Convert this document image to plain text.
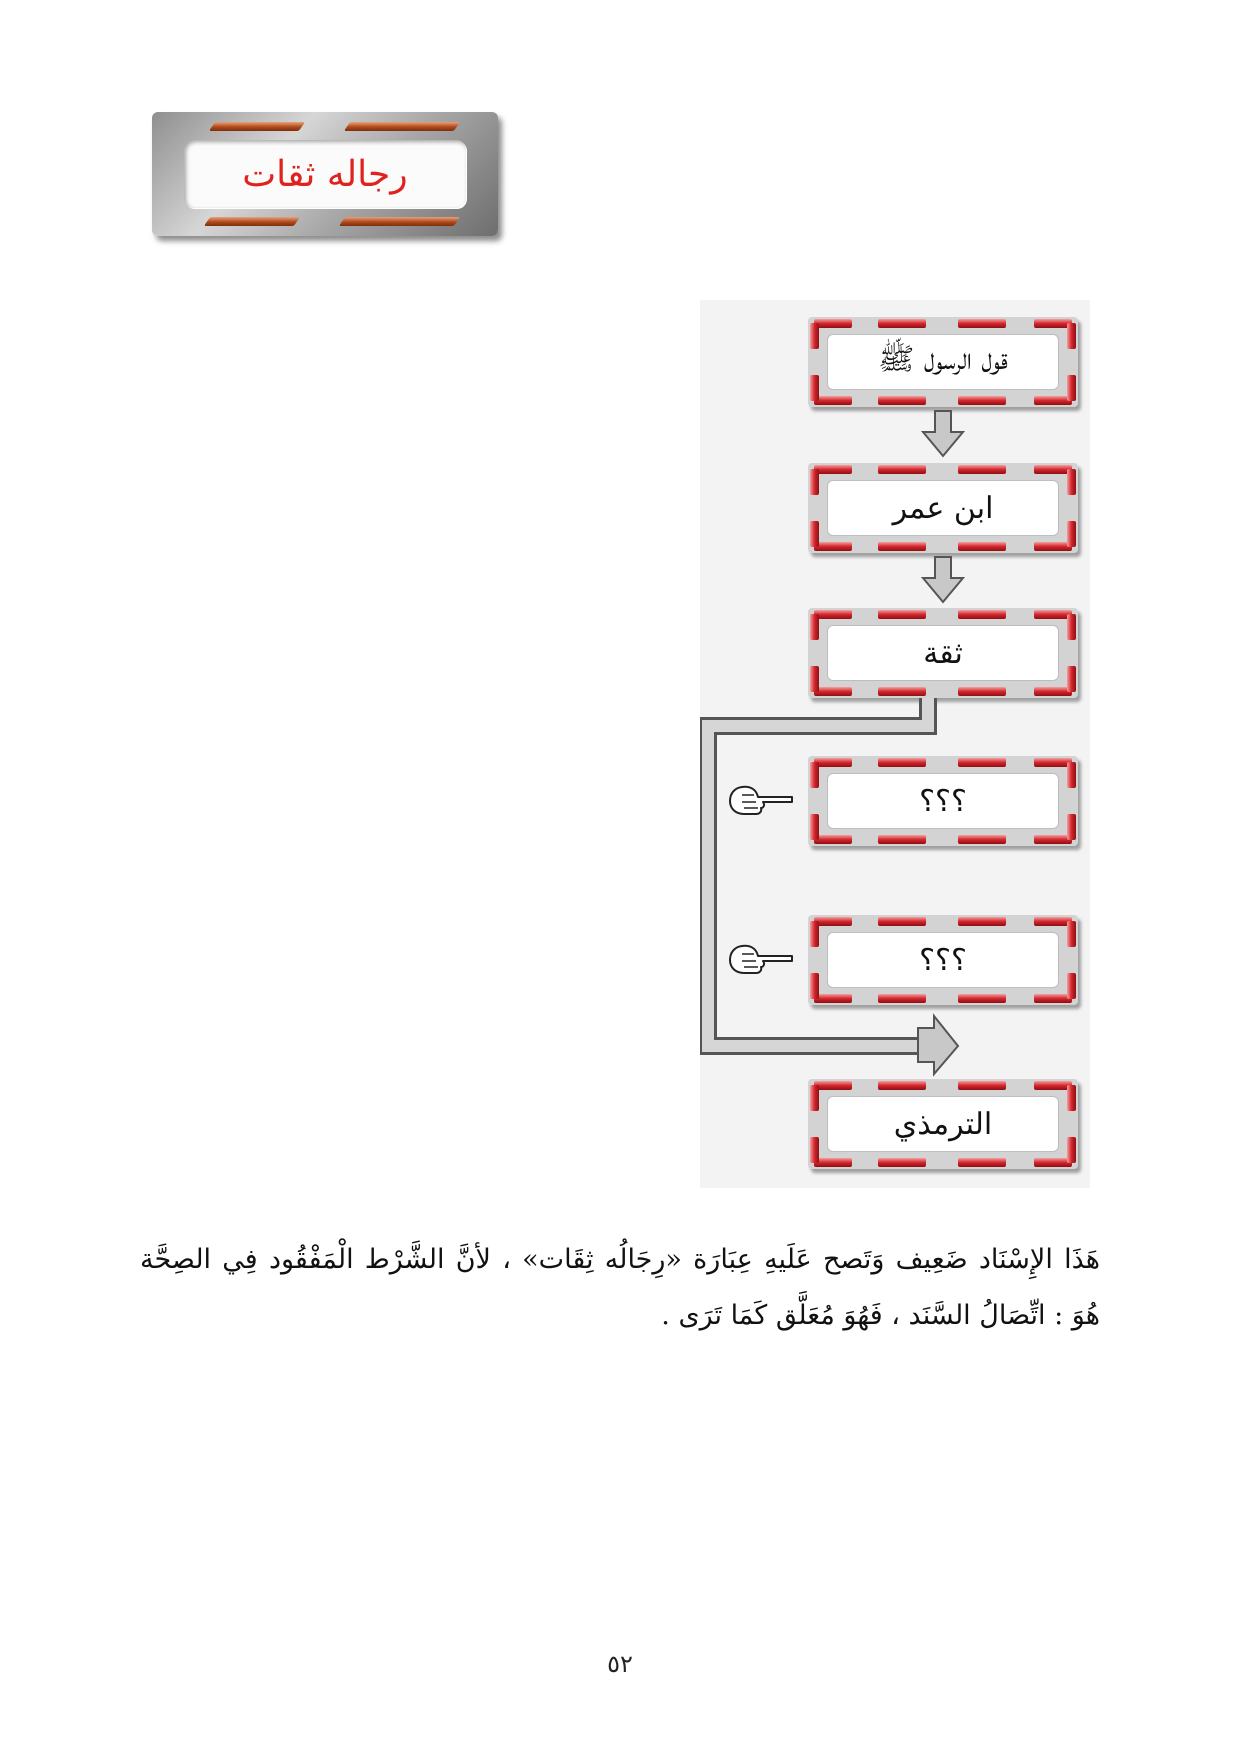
رجاله ثقات
قول الرسول ﷺ
ابن عمر
ثقة
؟؟؟
؟؟؟
الترمذي

هَذَا الإِسْنَاد ضَعِيف وَتَصح عَلَيهِ عِبَارَة «رِجَالُه ثِقَات» ، لأنَّ الشَّرْط الْمَفْقُود فِي الصِحَّة هُوَ : اتِّصَالُ السَّنَد ، فَهُوَ مُعَلَّق كَمَا تَرَى .

٥٢
